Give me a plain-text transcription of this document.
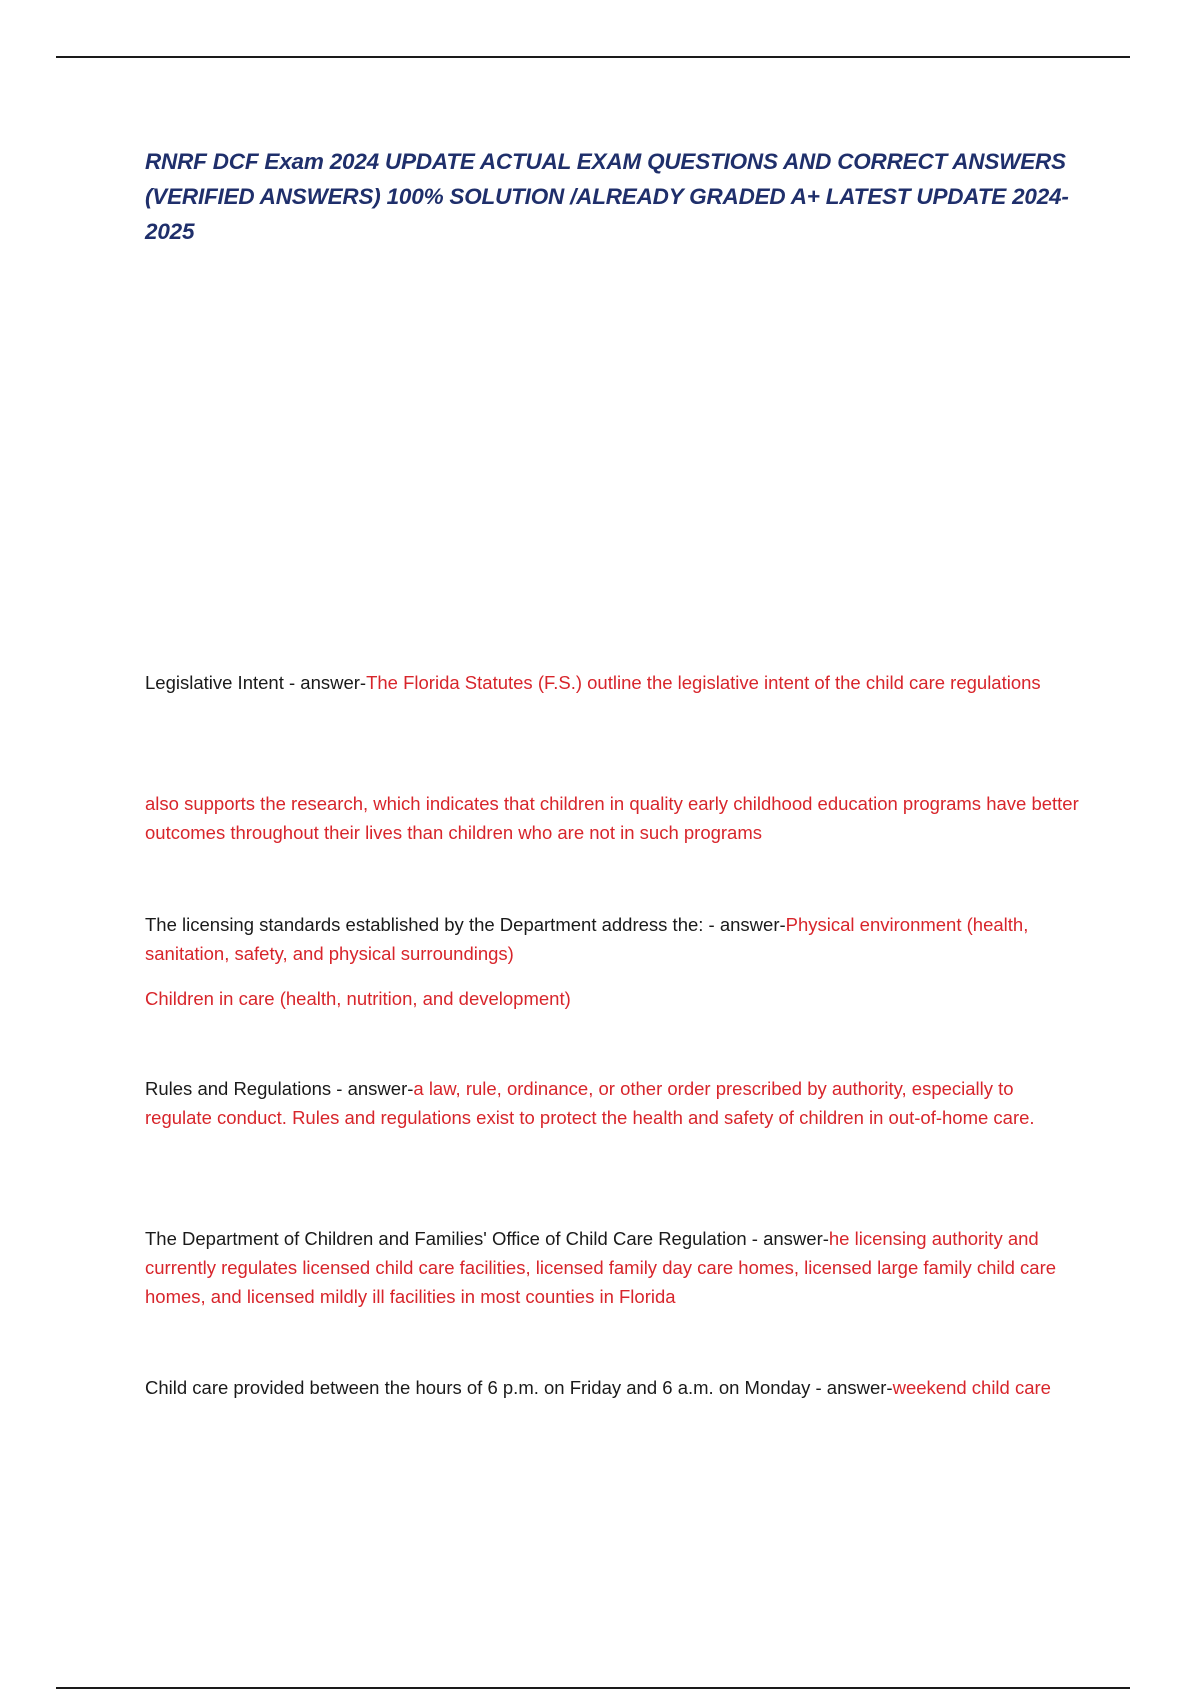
RNRF DCF Exam 2024 UPDATE ACTUAL EXAM QUESTIONS AND CORRECT ANSWERS (VERIFIED ANSWERS) 100% SOLUTION /ALREADY GRADED A+ LATEST UPDATE 2024-2025

Legislative Intent - answer-The Florida Statutes (F.S.) outline the legislative intent of the child care regulations

also supports the research, which indicates that children in quality early childhood education programs have better outcomes throughout their lives than children who are not in such programs

The licensing standards established by the Department address the: - answer-Physical environment (health, sanitation, safety, and physical surroundings)

Children in care (health, nutrition, and development)

Rules and Regulations - answer-a law, rule, ordinance, or other order prescribed by authority, especially to regulate conduct. Rules and regulations exist to protect the health and safety of children in out-of-home care.

The Department of Children and Families' Office of Child Care Regulation - answer-he licensing authority and currently regulates licensed child care facilities, licensed family day care homes, licensed large family child care homes, and licensed mildly ill facilities in most counties in Florida

Child care provided between the hours of 6 p.m. on Friday and 6 a.m. on Monday - answer-weekend child care
